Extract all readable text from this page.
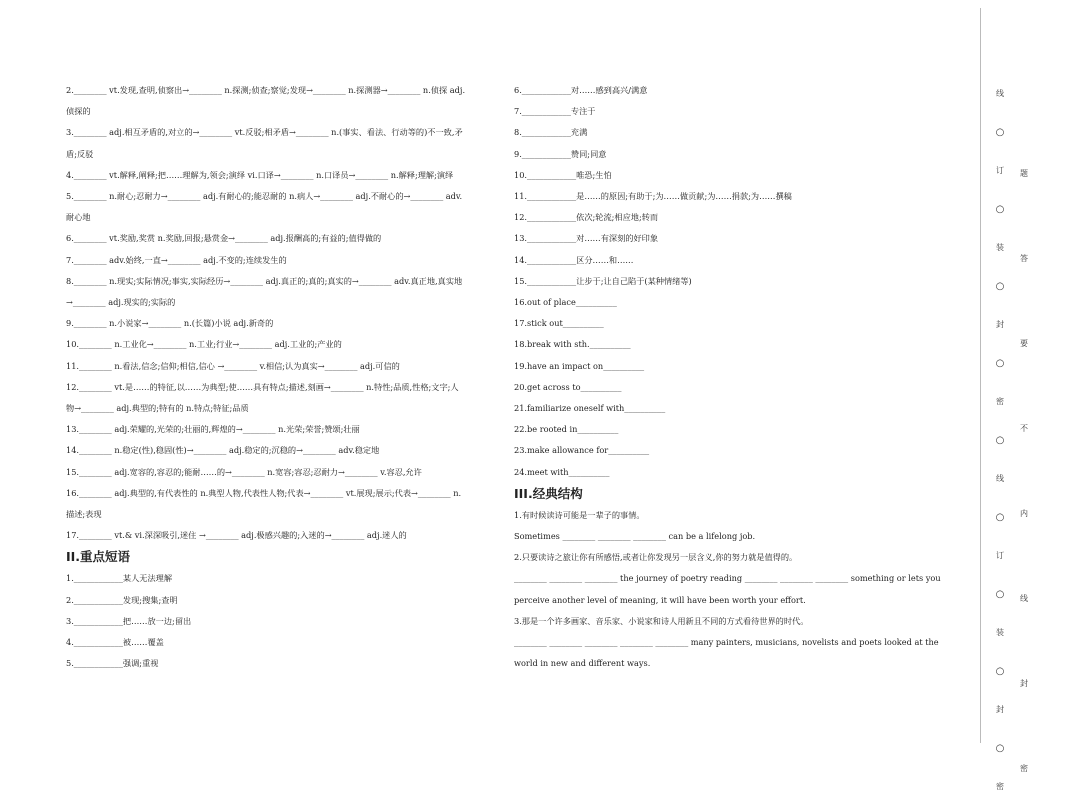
2.________ vt.发现,查明,侦察出→________ n.探测;侦查;察觉;发现→________ n.探测器→________ n.侦探 adj.
侦探的
3.________ adj.相互矛盾的,对立的→________ vt.反驳;相矛盾→________ n.(事实、看法、行动等的)不一致,矛
盾;反驳
4.________ vt.解释,阐释;把……理解为,领会;演绎 vi.口译→________ n.口译员→________ n.解释;理解;演绎
5.________ n.耐心;忍耐力→________ adj.有耐心的;能忍耐的 n.病人→________ adj.不耐心的→________ adv.
耐心地
6.________ vt.奖励,奖赏 n.奖励,回报;悬赏金→________ adj.报酬高的;有益的;值得做的
7.________ adv.始终,一直→________ adj.不变的;连续发生的
8.________ n.现实;实际情况;事实,实际经历→________ adj.真正的;真的;真实的→________ adv.真正地,真实地
→________ adj.现实的;实际的
9.________ n.小说家→________ n.(长篇)小说 adj.新奇的
10.________ n.工业化→________ n.工业;行业→________ adj.工业的;产业的
11.________ n.看法,信念;信仰;相信,信心 →________ v.相信;认为真实→________ adj.可信的
12.________ vt.是……的特征,以……为典型;使……具有特点;描述,刻画→________ n.特性;品质,性格;文字;人
物→________ adj.典型的;特有的 n.特点;特征;品质
13.________ adj.荣耀的,光荣的;壮丽的,辉煌的→________ n.光荣;荣誉;赞颂;壮丽
14.________ n.稳定(性),稳固(性)→________ adj.稳定的;沉稳的→________ adv.稳定地
15.________ adj.宽容的,容忍的;能耐……的→________ n.宽容;容忍;忍耐力→________ v.容忍,允许
16.________ adj.典型的,有代表性的 n.典型人物,代表性人物;代表→________ vt.展现;展示;代表→________ n.
描述;表现
17.________ vt.& vi.深深吸引,迷住 →________ adj.极感兴趣的;入迷的→________ adj.迷人的
II.重点短语
1.____________某人无法理解
2.____________发现;搜集;查明
3.____________把……放一边;留出
4.____________被……覆盖
5.____________强调;重视
6.____________对……感到高兴/满意
7.____________专注于
8.____________充满
9.____________赞同;同意
10.____________唯恐;生怕
11.____________是……的原因;有助于;为……做贡献;为……捐款;为……撰稿
12.____________依次;轮流;相应地;转而
13.____________对……有深刻的好印象
14.____________区分……和……
15.____________让步于;让自己陷于(某种情绪等)
16.out of place__________
17.stick out__________
18.break with sth.__________
19.have an impact on__________
20.get across to__________
21.familiarize oneself with__________
22.be rooted in__________
23.make allowance for__________
24.meet with__________
III.经典结构
1.有时候读诗可能是一辈子的事情。
Sometimes ________ ________ ________ can be a lifelong job.
2.只要读诗之旅让你有所感悟,或者让你发现另一层含义,你的努力就是值得的。
________ ________ ________ the journey of poetry reading ________ ________ ________ something or lets you
perceive another level of meaning, it will have been worth your effort.
3.那是一个许多画家、音乐家、小说家和诗人用新且不同的方式看待世界的时代。
________ ________ ________ ________ ________ many painters, musicians, novelists and poets looked at the
world in new and different ways.
线
○
订
○
装
○
封
○
密
○
线
○
订
○
装
○
封
○
密
题
答
要
不
内
线
封
密
